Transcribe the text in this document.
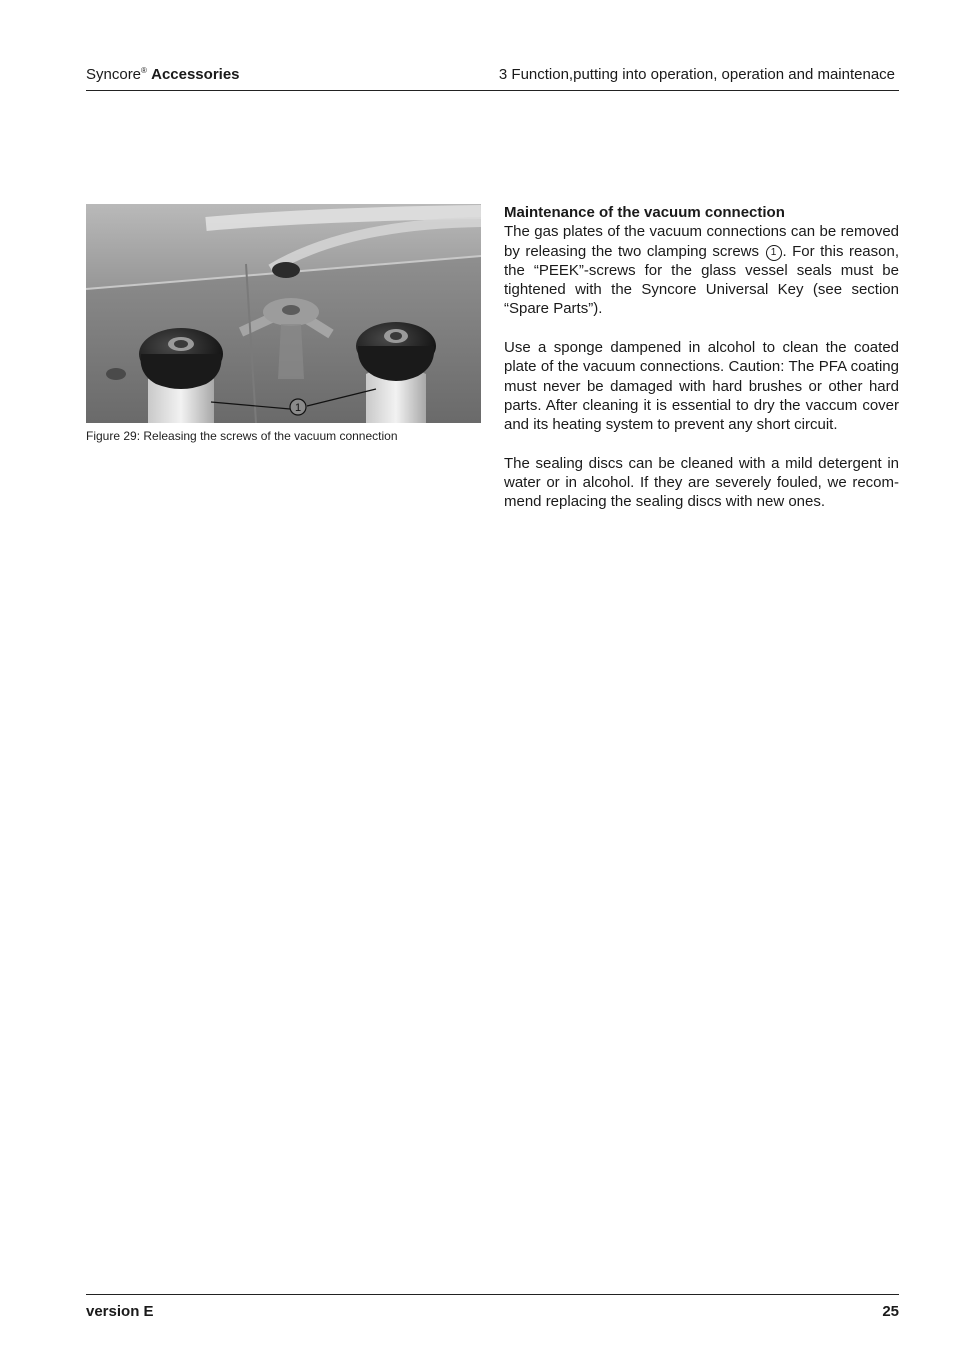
Syncore® Accessories	3 Function,putting into operation, operation and maintenace
1
Figure 29: Releasing the screws of the vacuum connection
Maintenance of the vacuum connection

The gas plates of the vacuum connections can be removed by releasing the two clamping screws 1 . For this reason, the “PEEK”-screws for the glass vessel seals must be tightened with the Syncore Universal Key (see section “Spare Parts”).

Use a sponge dampened in alcohol to clean the coated plate of the vacuum connections. Caution: The PFA coating must never be damaged with hard brushes or other hard parts. After cleaning it is essential to dry the vaccum cover and its heating system to prevent any short circuit.

The sealing discs can be cleaned with a mild detergent in water or in alcohol. If they are severely fouled, we recom-mend replacing the sealing discs with new ones.

version E	25
